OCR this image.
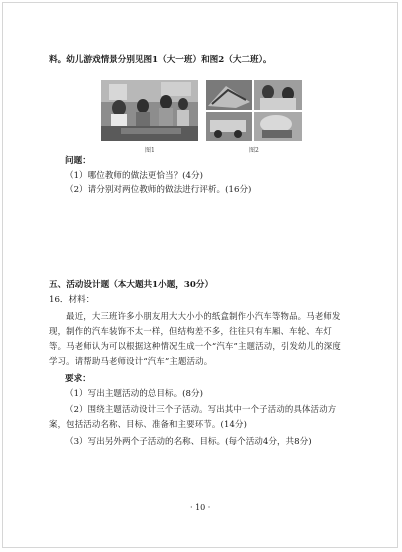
料。幼儿游戏情景分别见图1（大一班）和图2（大二班）。
图1	图2
问题：
（1）哪位教师的做法更恰当？(4分)
（2）请分别对两位教师的做法进行评析。(16分)
五、活动设计题（本大题共1小题，30分）
16．材料：
　　最近，大三班许多小朋友用大大小小的纸盒制作小汽车等物品。马老师发现，制作的汽车装饰不太一样，但结构差不多，往往只有车厢、车轮、车灯等。马老师认为可以根据这种情况生成一个“汽车”主题活动，引发幼儿的深度学习。请帮助马老师设计“汽车”主题活动。
要求：
（1）写出主题活动的总目标。(8分)
（2）围绕主题活动设计三个子活动。写出其中一个子活动的具体活动方案，包括活动名称、目标、准备和主要环节。(14分)
（3）写出另外两个子活动的名称、目标。(每个活动4分，共8分)
· 10 ·
